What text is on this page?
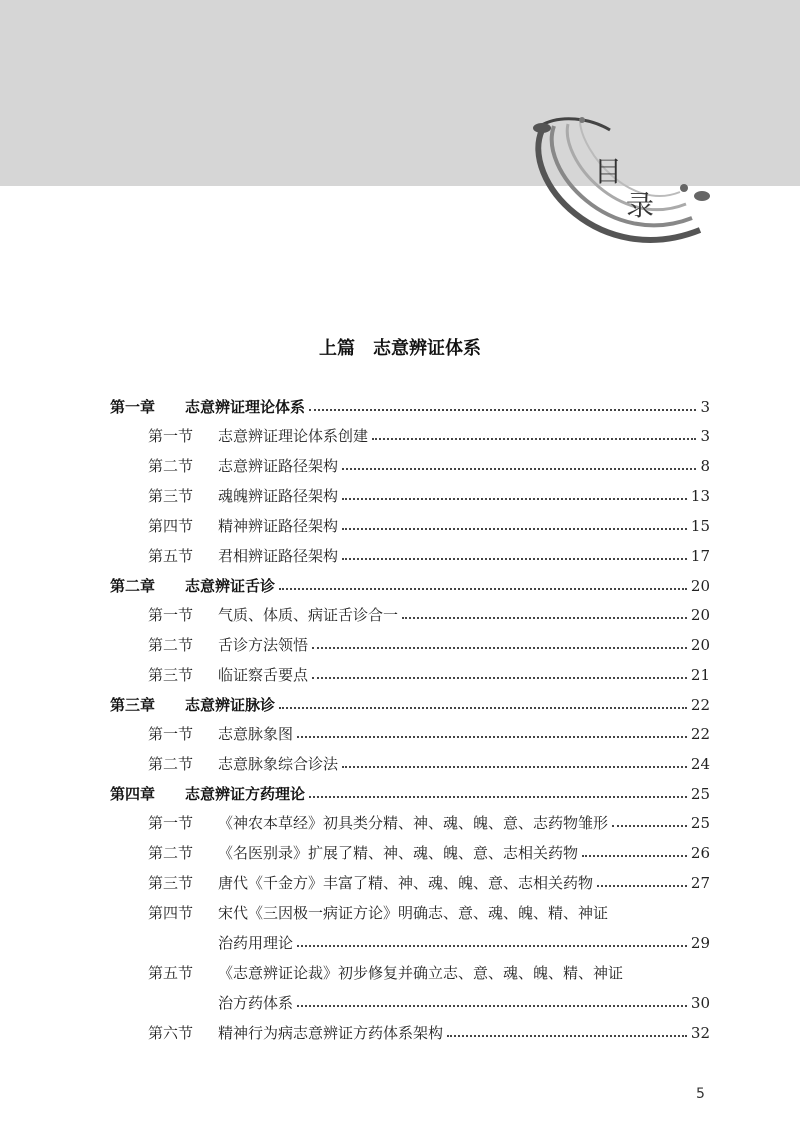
目
录
上篇　志意辨证体系
第一章 志意辨证理论体系	3
第一节 志意辨证理论体系创建	3
第二节 志意辨证路径架构	8
第三节 魂魄辨证路径架构	13
第四节 精神辨证路径架构	15
第五节 君相辨证路径架构	17
第二章 志意辨证舌诊	20
第一节 气质、体质、病证舌诊合一	20
第二节 舌诊方法领悟	20
第三节 临证察舌要点	21
第三章 志意辨证脉诊	22
第一节 志意脉象图	22
第二节 志意脉象综合诊法	24
第四章 志意辨证方药理论	25
第一节 《神农本草经》初具类分精、神、魂、魄、意、志药物雏形	25
第二节 《名医别录》扩展了精、神、魂、魄、意、志相关药物	26
第三节 唐代《千金方》丰富了精、神、魂、魄、意、志相关药物	27
第四节 宋代《三因极一病证方论》明确志、意、魂、魄、精、神证
治药用理论	29
第五节 《志意辨证论裁》初步修复并确立志、意、魂、魄、精、神证
治方药体系	30
第六节 精神行为病志意辨证方药体系架构	32
5
